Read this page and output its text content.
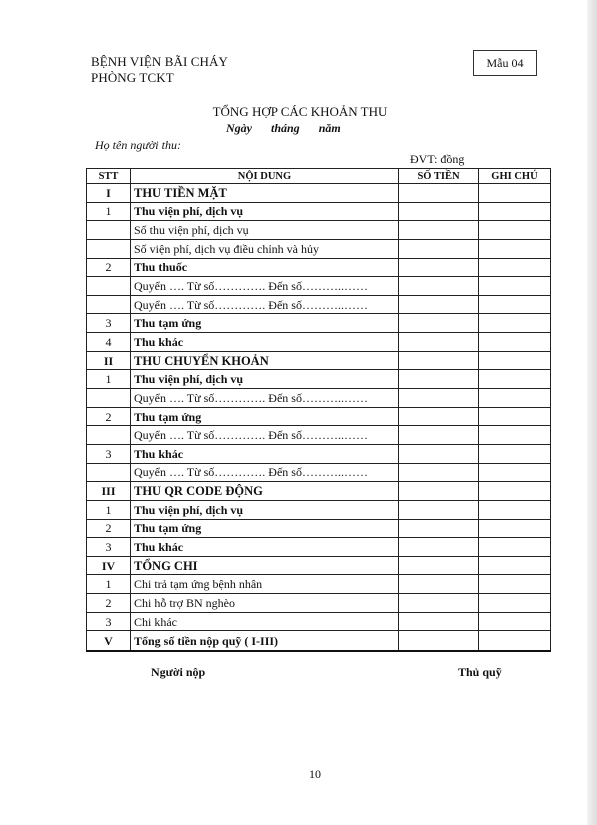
BỆNH VIỆN BÃI CHÁY
PHÒNG TCKT
Mẫu 04
TỔNG HỢP CÁC KHOẢN THU
Ngày tháng năm
Họ tên người thu:
ĐVT: đồng
STT	NỘI DUNG	SỐ TIỀN	GHI CHÚ
I	THU TIỀN MẶT		
1	Thu viện phí, dịch vụ		
	Số thu viện phí, dịch vụ		
	Số viện phí, dịch vụ điều chỉnh và hủy		
2	Thu thuốc		
	Quyển …. Từ số…………. Đến số………..……		
	Quyển …. Từ số…………. Đến số………..……		
3	Thu tạm ứng		
4	Thu khác		
II	THU CHUYỂN KHOẢN		
1	Thu viện phí, dịch vụ		
	Quyển …. Từ số…………. Đến số………..……		
2	Thu tạm ứng		
	Quyển …. Từ số…………. Đến số………..……		
3	Thu khác		
	Quyển …. Từ số…………. Đến số………..……		
III	THU QR CODE ĐỘNG		
1	Thu viện phí, dịch vụ		
2	Thu tạm ứng		
3	Thu khác		
IV	TỔNG CHI		
1	Chi trả tạm ứng bệnh nhân		
2	Chi hỗ trợ BN nghèo		
3	Chi khác		
V	Tổng số tiền nộp quỹ ( I-III)		
Người nộp	Thủ quỹ
10
